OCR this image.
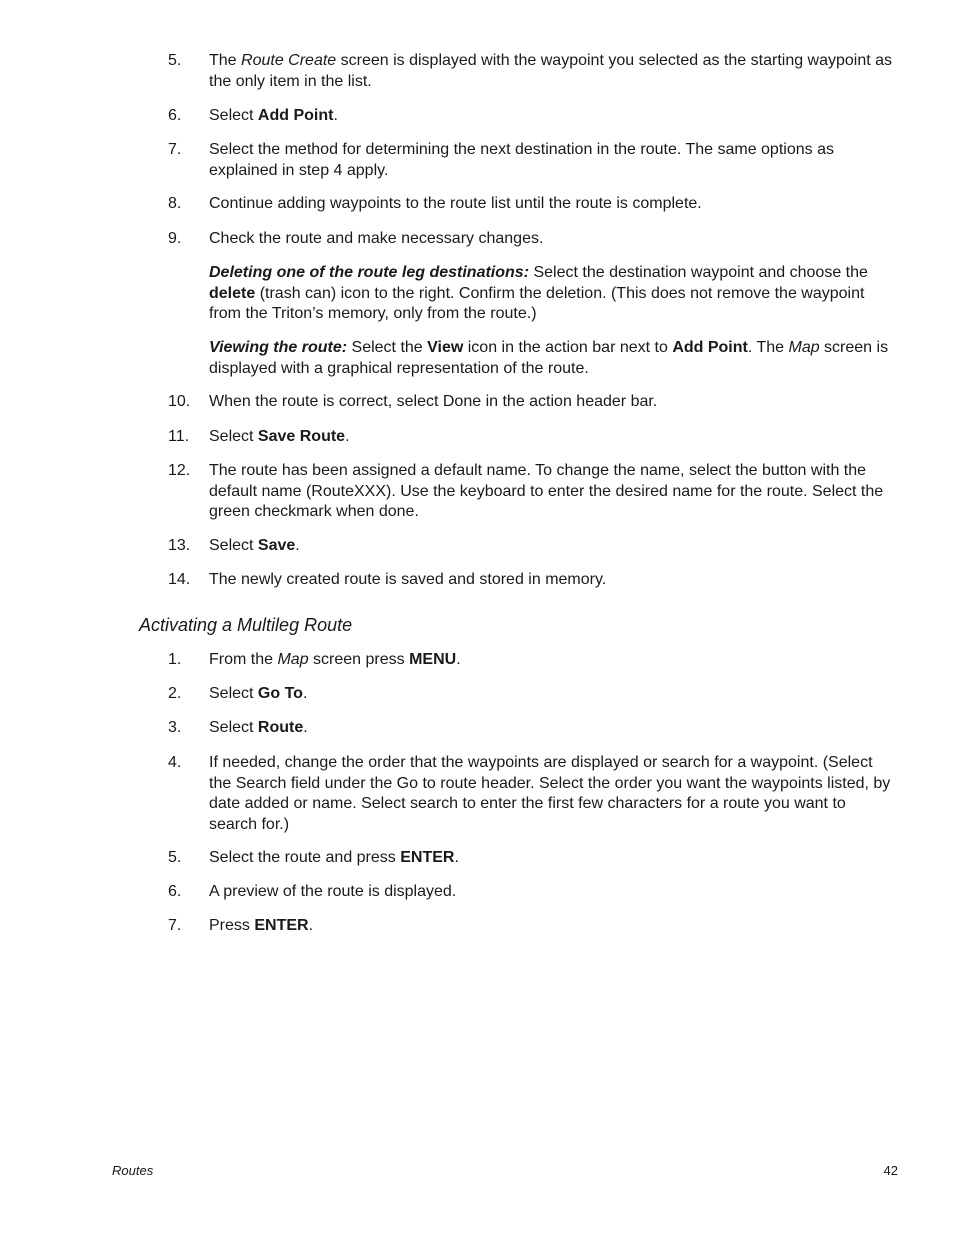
5.	The Route Create screen is displayed with the waypoint you selected as the starting waypoint as the only item in the list.
6.	Select Add Point.
7.	Select the method for determining the next destination in the route. The same options as explained in step 4 apply.
8.	Continue adding waypoints to the route list until the route is complete.
9.	Check the route and make necessary changes.
Deleting one of the route leg destinations: Select the destination waypoint and choose the delete (trash can) icon to the right. Confirm the deletion. (This does not remove the waypoint from the Triton’s memory, only from the route.)
Viewing the route: Select the View icon in the action bar next to Add Point. The Map screen is displayed with a graphical representation of the route.
10.	When the route is correct, select Done in the action header bar.
11.	Select Save Route.
12.	The route has been assigned a default name. To change the name, select the button with the default name (RouteXXX). Use the keyboard to enter the desired name for the route. Select the green checkmark when done.
13.	Select Save.
14.	The newly created route is saved and stored in memory.
Activating a Multileg Route
1.	From the Map screen press MENU.
2.	Select Go To.
3.	Select Route.
4.	If needed, change the order that the waypoints are displayed or search for a waypoint. (Select the Search field under the Go to route header. Select the order you want the waypoints listed, by date added or name. Select search to enter the first few characters for a route you want to search for.)
5.	Select the route and press ENTER.
6.	A preview of the route is displayed.
7.	Press ENTER.
Routes	42
